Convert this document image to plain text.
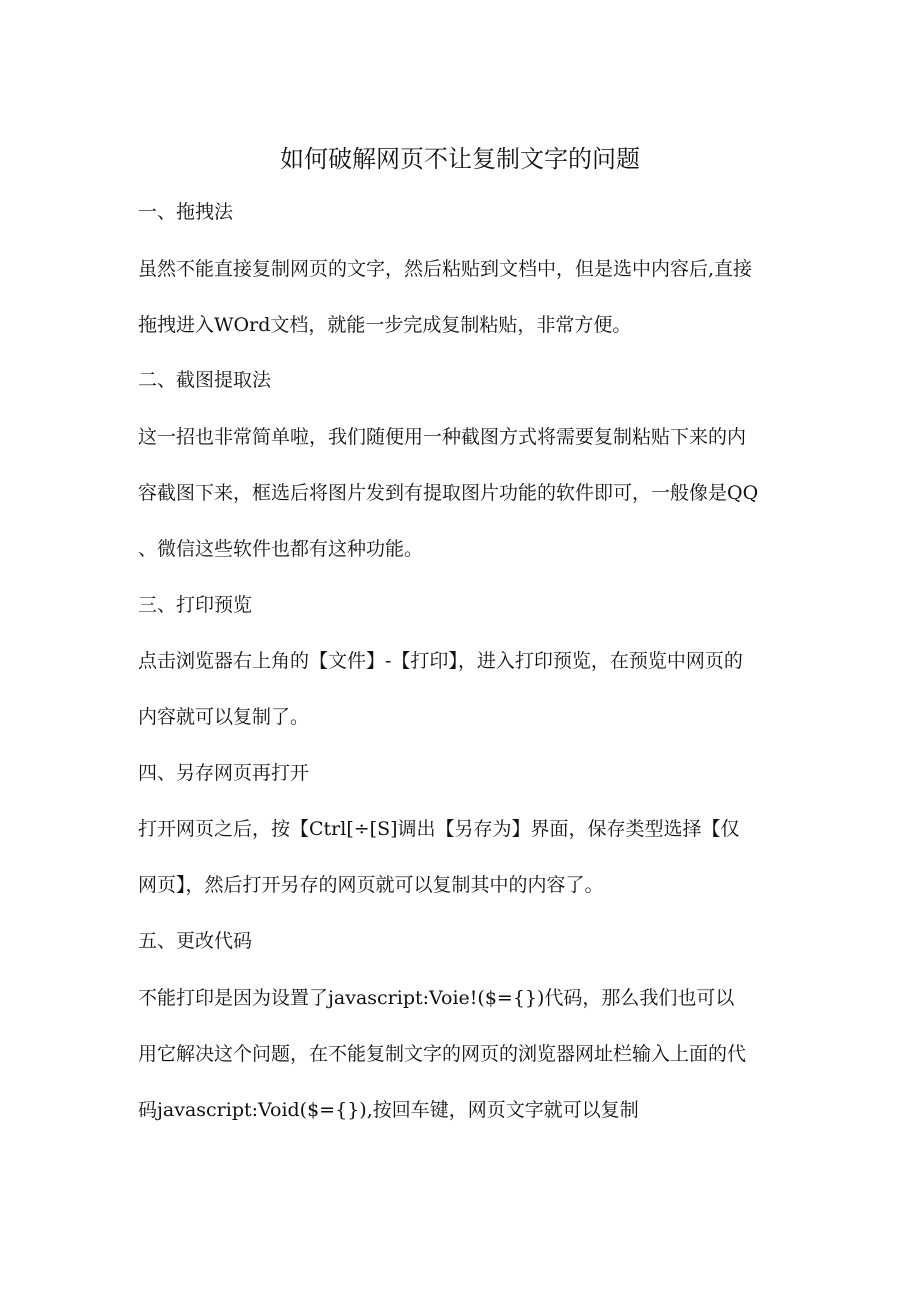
如何破解网页不让复制文字的问题
一、拖拽法
虽然不能直接复制网页的文字，然后粘贴到文档中，但是选中内容后,直接
拖拽进入WOrd文档，就能一步完成复制粘贴，非常方便。
二、截图提取法
这一招也非常简单啦，我们随便用一种截图方式将需要复制粘贴下来的内
容截图下来，框选后将图片发到有提取图片功能的软件即可，一般像是QQ
、微信这些软件也都有这种功能。
三、打印预览
点击浏览器右上角的【文件】-【打印】，进入打印预览，在预览中网页的
内容就可以复制了。
四、另存网页再打开
打开网页之后，按【Ctrl[÷[S]调出【另存为】界面，保存类型选择【仅
网页】，然后打开另存的网页就可以复制其中的内容了。
五、更改代码
不能打印是因为设置了javascript:Voie!($={})代码，那么我们也可以
用它解决这个问题，在不能复制文字的网页的浏览器网址栏输入上面的代
码javascript:Void($={}),按回车键，网页文字就可以复制
